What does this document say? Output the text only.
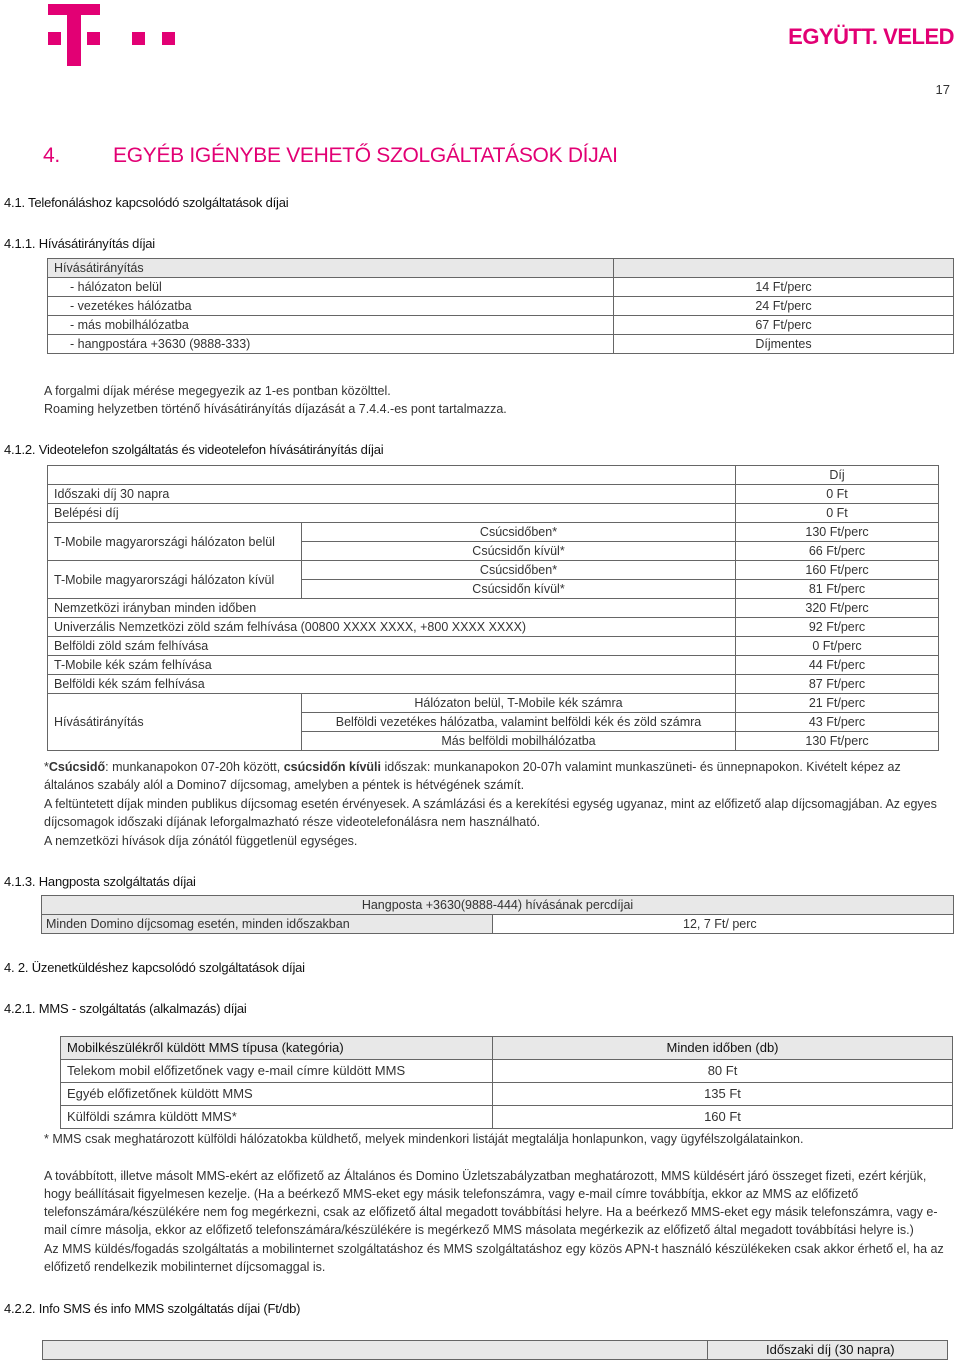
EGYÜTT. VELED
17
4.	EGYÉB IGÉNYBE VEHETŐ SZOLGÁLTATÁSOK DÍJAI
4.1. Telefonáláshoz kapcsolódó szolgáltatások díjai
4.1.1. Hívásátirányítás díjai
Hívásátirányítás	
- hálózaton belül	14 Ft/perc
- vezetékes hálózatba	24 Ft/perc
- más mobilhálózatba	67 Ft/perc
- hangpostára +3630 (9888-333)	Díjmentes
A forgalmi díjak mérése megegyezik az 1-es pontban közölttel.
Roaming helyzetben történő hívásátirányítás díjazását a 7.4.4.-es pont tartalmazza.
4.1.2. Videotelefon szolgáltatás és videotelefon hívásátirányítás díjai
		Díj
Időszaki díj 30 napra		0 Ft
Belépési díj		0 Ft
T-Mobile magyarországi hálózaton belül	Csúcsidőben*	130 Ft/perc
	Csúcsidőn kívül*	66 Ft/perc
T-Mobile magyarországi hálózaton kívül	Csúcsidőben*	160 Ft/perc
	Csúcsidőn kívül*	81 Ft/perc
Nemzetközi irányban minden időben		320 Ft/perc
Univerzális Nemzetközi zöld szám felhívása (00800 XXXX XXXX, +800 XXXX XXXX)		92 Ft/perc
Belföldi zöld szám felhívása		0 Ft/perc
T-Mobile kék szám felhívása		44 Ft/perc
Belföldi kék szám felhívása		87 Ft/perc
Hívásátirányítás	Hálózaton belül, T-Mobile kék számra	21 Ft/perc
	Belföldi vezetékes hálózatba, valamint belföldi kék és zöld számra	43 Ft/perc
	Más belföldi mobilhálózatba	130 Ft/perc
*Csúcsidő: munkanapokon 07-20h között, csúcsidőn kívüli időszak: munkanapokon 20-07h valamint munkaszüneti- és ünnepnapokon. Kivételt képez az általános szabály alól a Domino7 díjcsomag, amelyben a péntek is hétvégének számít.
A feltüntetett díjak minden publikus díjcsomag esetén érvényesek. A számlázási és a kerekítési egység ugyanaz, mint az előfizető alap díjcsomagjában. Az egyes díjcsomagok időszaki díjának leforgalmazható része videotelefonálásra nem használható.
A nemzetközi hívások díja zónától függetlenül egységes.
4.1.3. Hangposta szolgáltatás díjai
Hangposta +3630(9888-444) hívásának percdíjai
Minden Domino díjcsomag esetén, minden időszakban	12, 7 Ft/ perc
4. 2. Üzenetküldéshez kapcsolódó szolgáltatások díjai
4.2.1. MMS - szolgáltatás (alkalmazás) díjai
Mobilkészülékről küldött MMS típusa (kategória)	Minden időben (db)
Telekom mobil előfizetőnek vagy e-mail címre küldött MMS	80 Ft
Egyéb előfizetőnek küldött MMS	135 Ft
Külföldi számra küldött MMS*	160 Ft
* MMS csak meghatározott külföldi hálózatokba küldhető, melyek mindenkori listáját megtalálja honlapunkon, vagy ügyfélszolgálatainkon.
A továbbított, illetve másolt MMS-ekért az előfizető az Általános és Domino Üzletszabályzatban meghatározott, MMS küldésért járó összeget fizeti, ezért kérjük, hogy beállításait figyelmesen kezelje. (Ha a beérkező MMS-eket egy másik telefonszámra, vagy e-mail címre továbbítja, ekkor az MMS az előfizető telefonszámára/készülékére nem fog megérkezni, csak az előfizető által megadott továbbítási helyre. Ha a beérkező MMS-eket egy másik telefonszámra, vagy e-mail címre másolja, ekkor az előfizető telefonszámára/készülékére is megérkező MMS másolata megérkezik az előfizető által megadott továbbítási helyre is.)
Az MMS küldés/fogadás szolgáltatás a mobilinternet szolgáltatáshoz és MMS szolgáltatáshoz egy közös APN-t használó készülékeken csak akkor érhető el, ha az előfizető rendelkezik mobilinternet díjcsomaggal is.
4.2.2. Info SMS és info MMS szolgáltatás díjai (Ft/db)
	Időszaki díj (30 napra)
